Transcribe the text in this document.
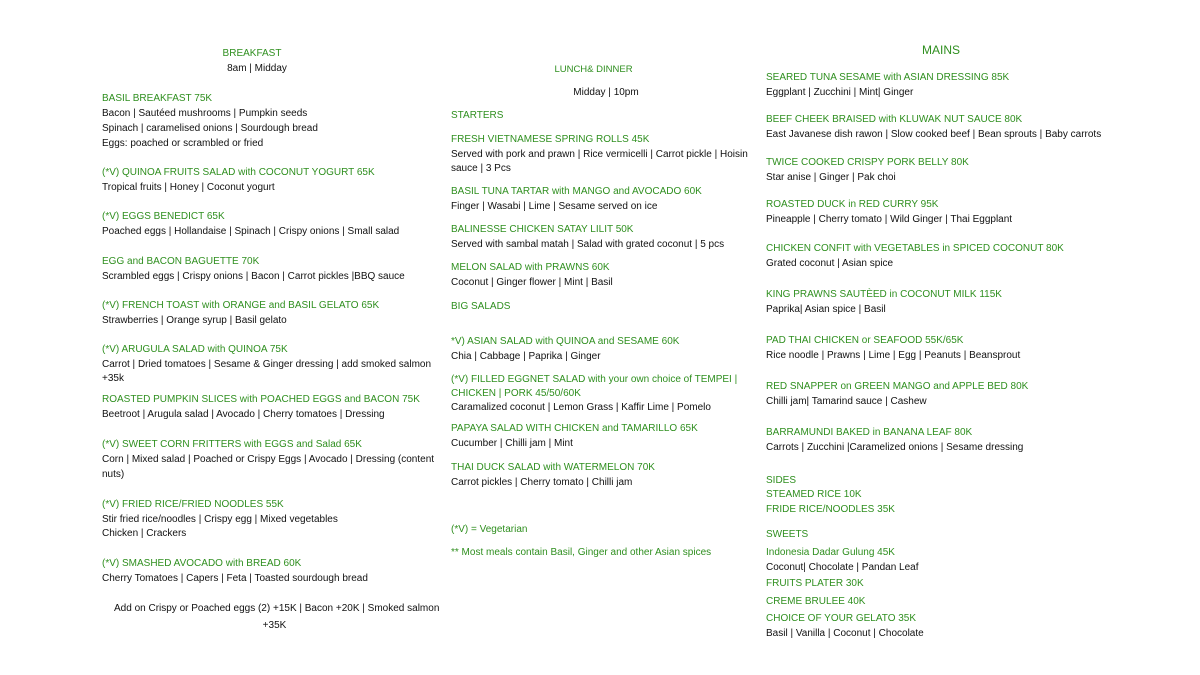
BREAKFAST
8am | Midday
BASIL BREAKFAST 75K
Bacon | Sautéed mushrooms | Pumpkin seeds
Spinach | caramelised onions | Sourdough bread
Eggs: poached or scrambled or fried
(*V) QUINOA FRUITS SALAD with COCONUT YOGURT 65K
Tropical fruits | Honey | Coconut yogurt
(*V) EGGS BENEDICT 65K
Poached eggs | Hollandaise | Spinach | Crispy onions | Small salad
EGG and BACON BAGUETTE 70K
Scrambled eggs | Crispy onions | Bacon | Carrot pickles |BBQ sauce
(*V) FRENCH TOAST with ORANGE and BASIL GELATO 65K
Strawberries | Orange syrup | Basil gelato
(*V) ARUGULA SALAD with QUINOA 75K
Carrot | Dried tomatoes | Sesame & Ginger dressing | add smoked salmon
+35k
ROASTED PUMPKIN SLICES with POACHED EGGS and BACON 75K
Beetroot | Arugula salad | Avocado | Cherry tomatoes | Dressing
(*V) SWEET CORN FRITTERS with EGGS and Salad 65K
Corn | Mixed salad | Poached or Crispy Eggs | Avocado | Dressing (content
nuts)
(*V) FRIED RICE/FRIED NOODLES 55K
Stir fried rice/noodles | Crispy egg | Mixed vegetables
Chicken | Crackers
(*V) SMASHED AVOCADO with BREAD 60K
Cherry Tomatoes | Capers | Feta | Toasted sourdough bread
Add on Crispy or Poached eggs (2) +15K | Bacon +20K | Smoked salmon
+35K
LUNCH& DINNER
Midday | 10pm
STARTERS
FRESH VIETNAMESE SPRING ROLLS 45K
Served with pork and prawn | Rice vermicelli | Carrot pickle | Hoisin
sauce | 3 Pcs
BASIL TUNA TARTAR with MANGO and AVOCADO 60K
Finger | Wasabi | Lime | Sesame served on ice
BALINESSE CHICKEN SATAY LILIT 50K
Served with sambal matah | Salad with grated coconut | 5 pcs
MELON SALAD with PRAWNS 60K
Coconut | Ginger flower | Mint | Basil
BIG SALADS
*V) ASIAN SALAD with QUINOA and SESAME 60K
Chia | Cabbage | Paprika | Ginger
(*V) FILLED EGGNET SALAD with your own choice of TEMPEI |
CHICKEN | PORK 45/50/60K
Caramalized coconut | Lemon Grass | Kaffir Lime | Pomelo
PAPAYA SALAD WITH CHICKEN and TAMARILLO 65K
Cucumber | Chilli jam | Mint
THAI DUCK SALAD with WATERMELON 70K
Carrot pickles | Cherry tomato | Chilli jam
(*V) = Vegetarian
** Most meals contain Basil, Ginger and other Asian spices
MAINS
SEARED TUNA SESAME with ASIAN DRESSING 85K
Eggplant | Zucchini | Mint| Ginger
BEEF CHEEK BRAISED with KLUWAK NUT SAUCE 80K
East Javanese dish rawon | Slow cooked beef | Bean sprouts | Baby carrots
TWICE COOKED CRISPY PORK BELLY 80K
Star anise | Ginger | Pak choi
ROASTED DUCK in RED CURRY 95K
Pineapple | Cherry tomato | Wild Ginger | Thai Eggplant
CHICKEN CONFIT with VEGETABLES in SPICED COCONUT 80K
Grated coconut | Asian spice
KING PRAWNS SAUTÈED in COCONUT MILK 115K
Paprika| Asian spice | Basil
PAD THAI CHICKEN or SEAFOOD 55K/65K
Rice noodle | Prawns | Lime | Egg | Peanuts | Beansprout
RED SNAPPER on GREEN MANGO and APPLE BED 80K
Chilli jam| Tamarind sauce | Cashew
BARRAMUNDI BAKED in BANANA LEAF 80K
Carrots | Zucchini |Caramelized onions | Sesame dressing
SIDES
STEAMED RICE 10K
FRIDE RICE/NOODLES 35K
SWEETS
Indonesia Dadar Gulung 45K
Coconut| Chocolate | Pandan Leaf
FRUITS PLATER 30K
CREME BRULEE 40K
CHOICE OF YOUR GELATO 35K
Basil | Vanilla | Coconut | Chocolate
